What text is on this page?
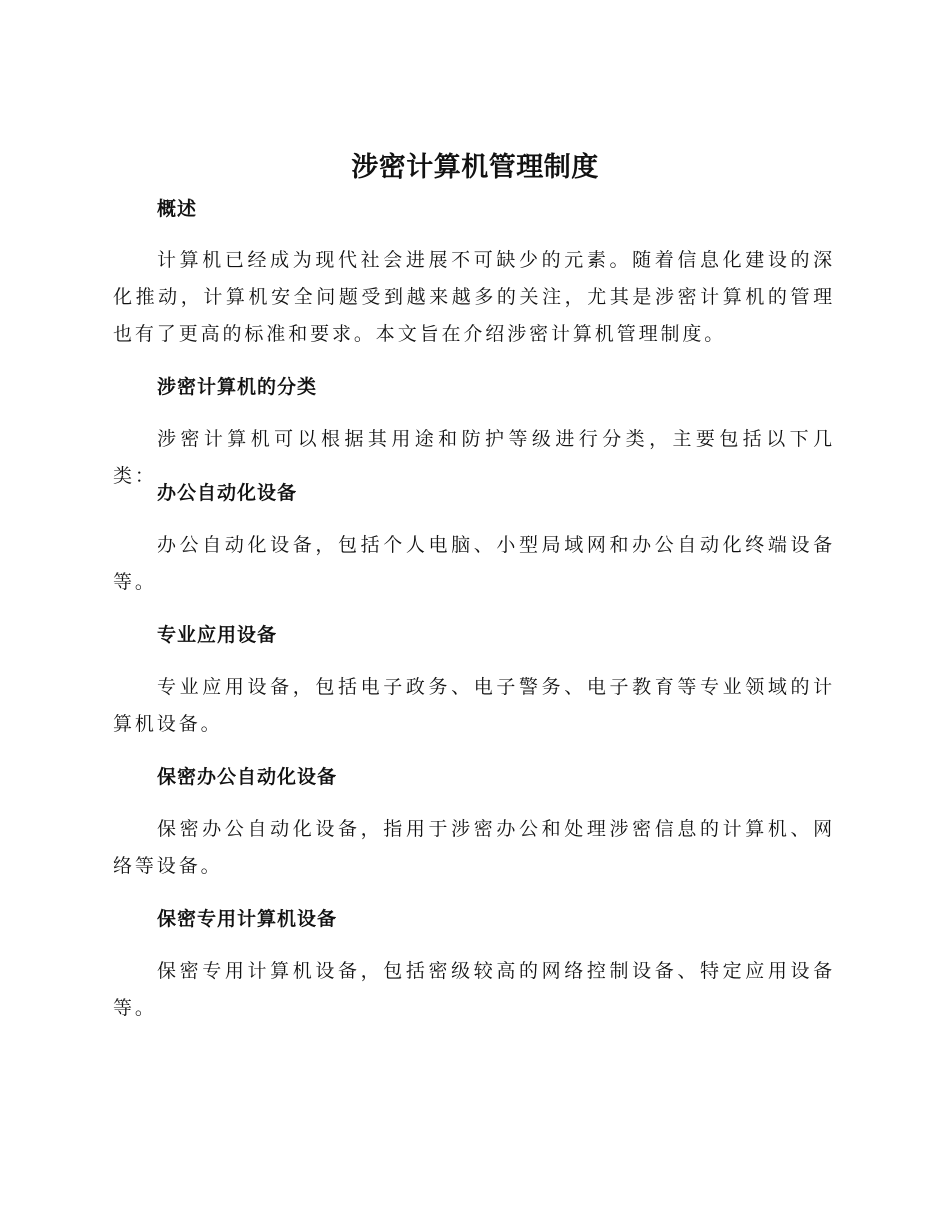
涉密计算机管理制度
概述

计算机已经成为现代社会进展不可缺少的元素。随着信息化建设的深化推动，计算机安全问题受到越来越多的关注，尤其是涉密计算机的管理也有了更高的标准和要求。本文旨在介绍涉密计算机管理制度。

涉密计算机的分类

涉密计算机可以根据其用途和防护等级进行分类，主要包括以下几类：

办公自动化设备

办公自动化设备，包括个人电脑、小型局域网和办公自动化终端设备等。

专业应用设备

专业应用设备，包括电子政务、电子警务、电子教育等专业领域的计算机设备。

保密办公自动化设备

保密办公自动化设备，指用于涉密办公和处理涉密信息的计算机、网络等设备。

保密专用计算机设备

保密专用计算机设备，包括密级较高的网络控制设备、特定应用设备等。
